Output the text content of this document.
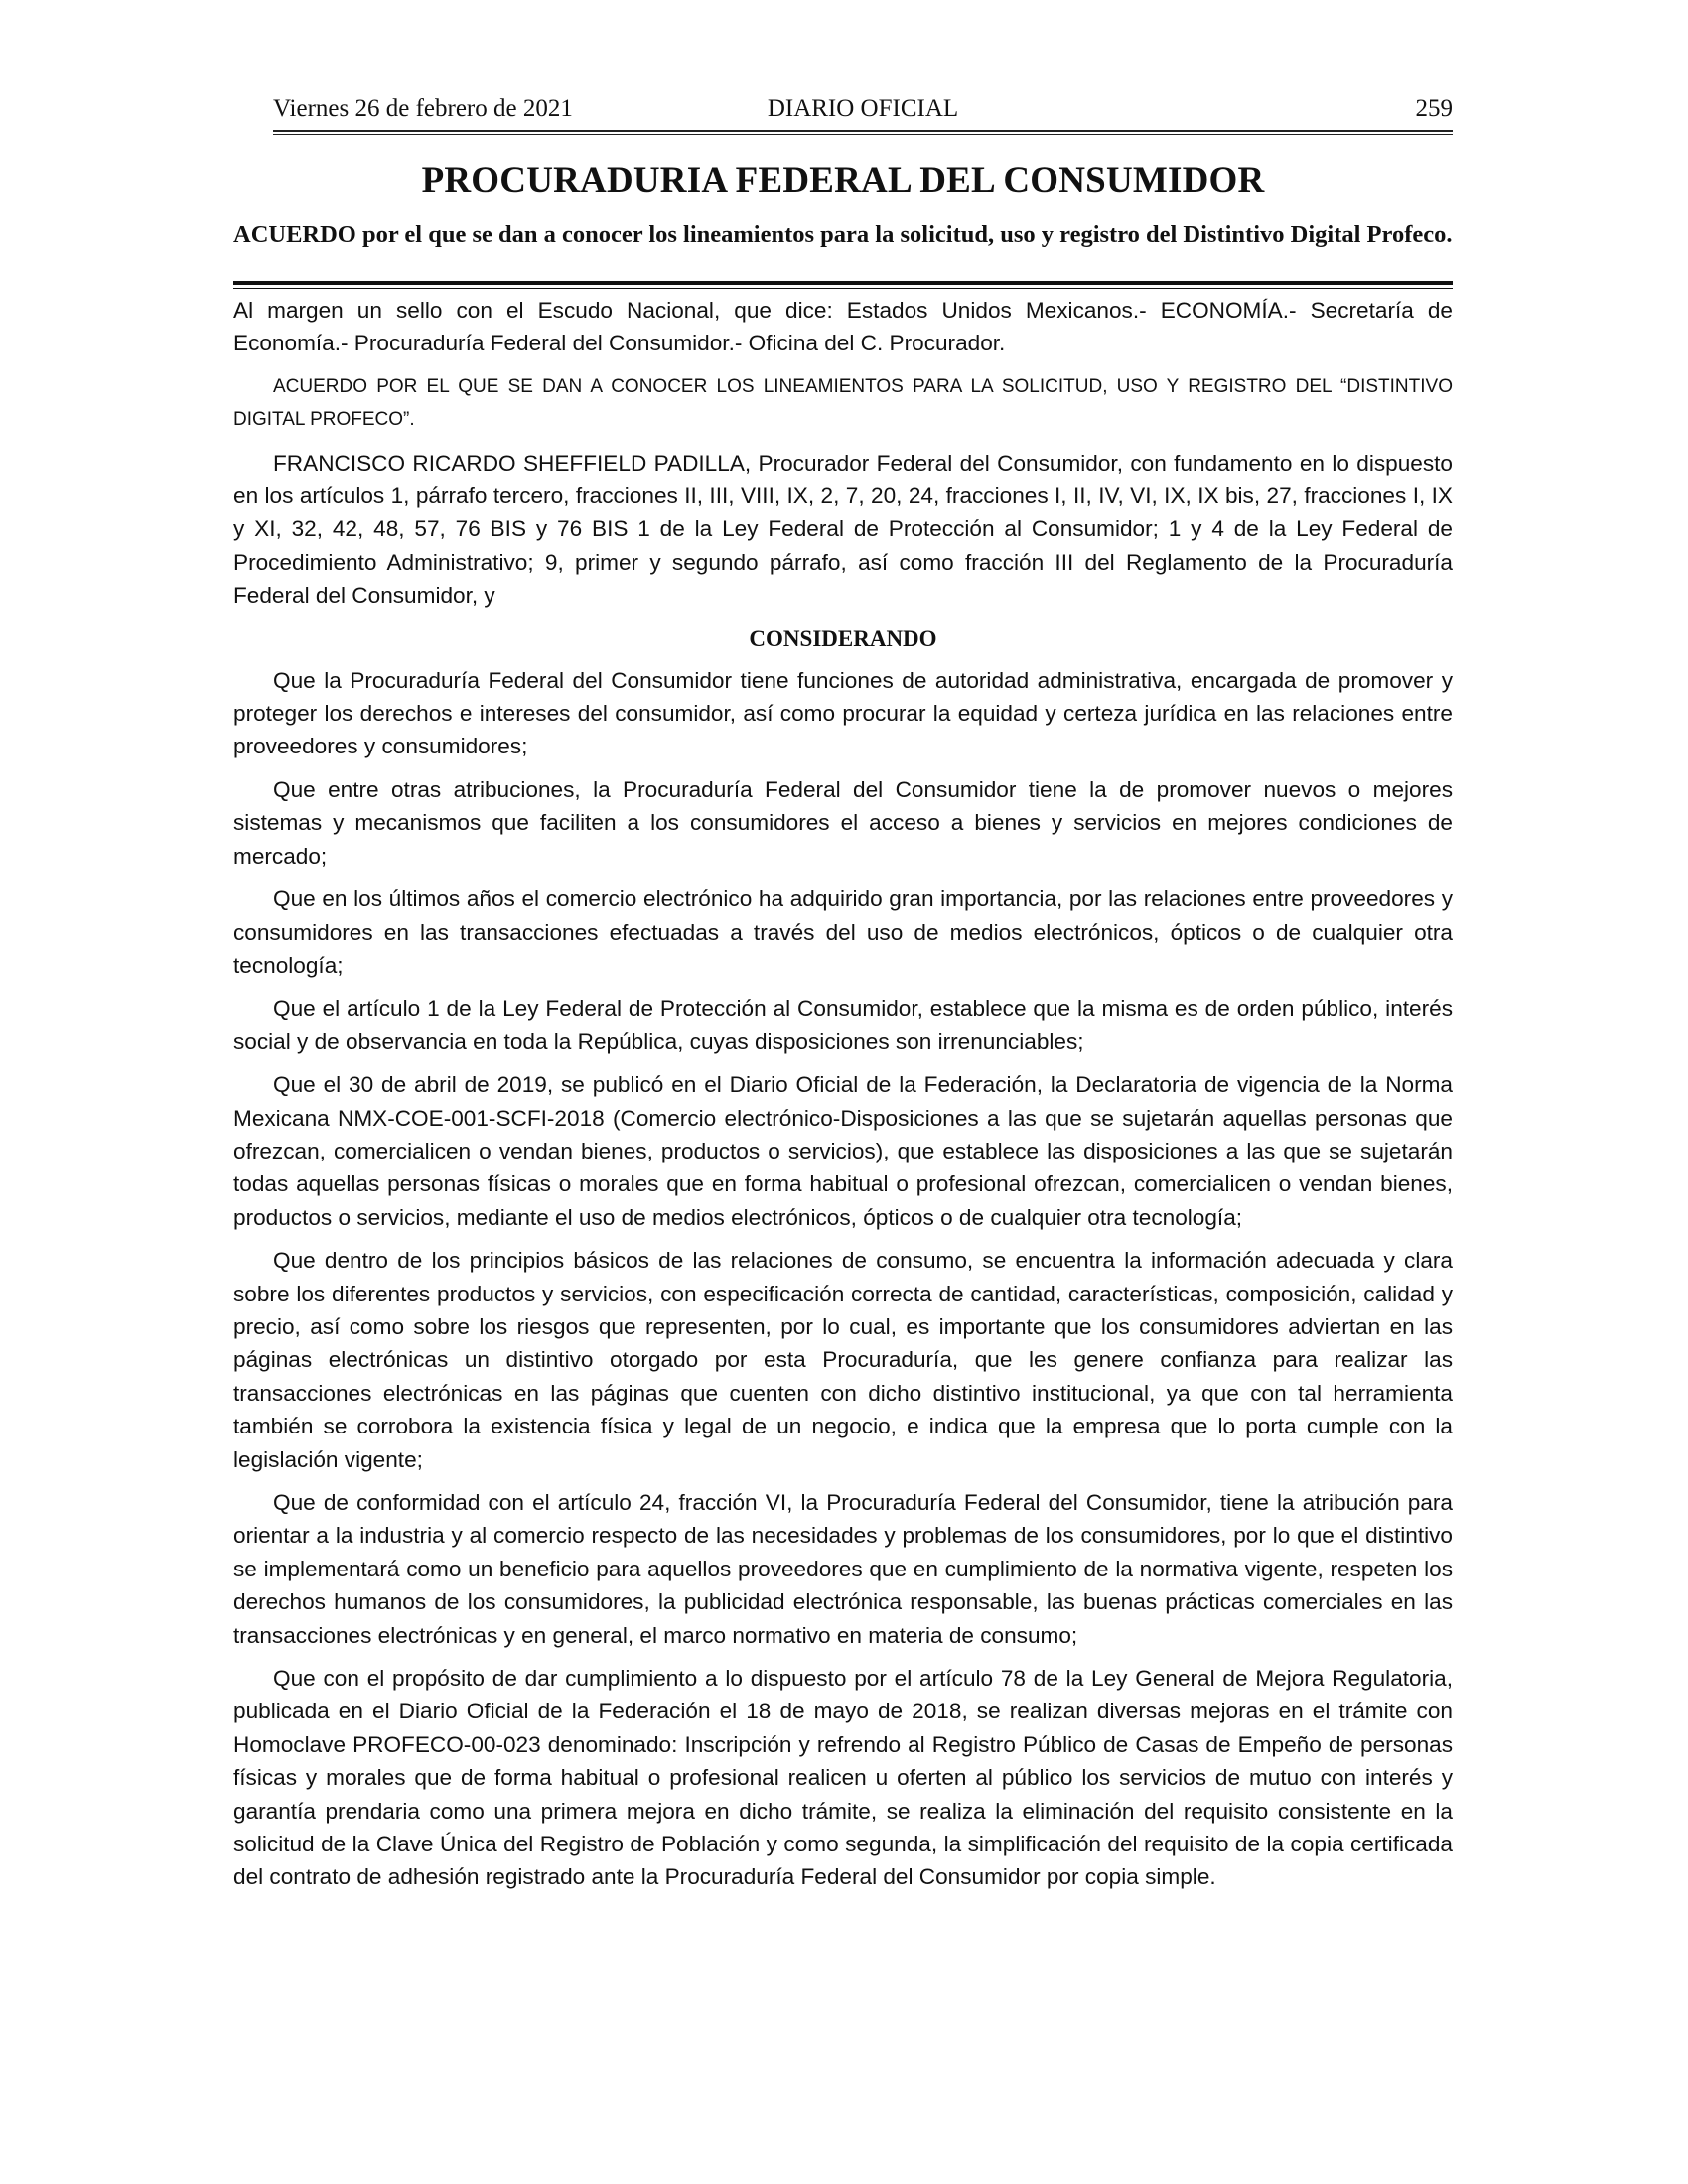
Viernes 26 de febrero de 2021	DIARIO OFICIAL	259
PROCURADURIA FEDERAL DEL CONSUMIDOR
ACUERDO por el que se dan a conocer los lineamientos para la solicitud, uso y registro del Distintivo Digital Profeco.

Al margen un sello con el Escudo Nacional, que dice: Estados Unidos Mexicanos.- ECONOMÍA.- Secretaría de Economía.- Procuraduría Federal del Consumidor.- Oficina del C. Procurador.

ACUERDO POR EL QUE SE DAN A CONOCER LOS LINEAMIENTOS PARA LA SOLICITUD, USO Y REGISTRO DEL “DISTINTIVO DIGITAL PROFECO”.

FRANCISCO RICARDO SHEFFIELD PADILLA, Procurador Federal del Consumidor, con fundamento en lo dispuesto en los artículos 1, párrafo tercero, fracciones II, III, VIII, IX, 2, 7, 20, 24, fracciones I, II, IV, VI, IX, IX bis, 27, fracciones I, IX y XI, 32, 42, 48, 57, 76 BIS y 76 BIS 1 de la Ley Federal de Protección al Consumidor; 1 y 4 de la Ley Federal de Procedimiento Administrativo; 9, primer y segundo párrafo, así como fracción III del Reglamento de la Procuraduría Federal del Consumidor, y

CONSIDERANDO

Que la Procuraduría Federal del Consumidor tiene funciones de autoridad administrativa, encargada de promover y proteger los derechos e intereses del consumidor, así como procurar la equidad y certeza jurídica en las relaciones entre proveedores y consumidores;

Que entre otras atribuciones, la Procuraduría Federal del Consumidor tiene la de promover nuevos o mejores sistemas y mecanismos que faciliten a los consumidores el acceso a bienes y servicios en mejores condiciones de mercado;

Que en los últimos años el comercio electrónico ha adquirido gran importancia, por las relaciones entre proveedores y consumidores en las transacciones efectuadas a través del uso de medios electrónicos, ópticos o de cualquier otra tecnología;

Que el artículo 1 de la Ley Federal de Protección al Consumidor, establece que la misma es de orden público, interés social y de observancia en toda la República, cuyas disposiciones son irrenunciables;

Que el 30 de abril de 2019, se publicó en el Diario Oficial de la Federación, la Declaratoria de vigencia de la Norma Mexicana NMX-COE-001-SCFI-2018 (Comercio electrónico-Disposiciones a las que se sujetarán aquellas personas que ofrezcan, comercialicen o vendan bienes, productos o servicios), que establece las disposiciones a las que se sujetarán todas aquellas personas físicas o morales que en forma habitual o profesional ofrezcan, comercialicen o vendan bienes, productos o servicios, mediante el uso de medios electrónicos, ópticos o de cualquier otra tecnología;

Que dentro de los principios básicos de las relaciones de consumo, se encuentra la información adecuada y clara sobre los diferentes productos y servicios, con especificación correcta de cantidad, características, composición, calidad y precio, así como sobre los riesgos que representen, por lo cual, es importante que los consumidores adviertan en las páginas electrónicas un distintivo otorgado por esta Procuraduría, que les genere confianza para realizar las transacciones electrónicas en las páginas que cuenten con dicho distintivo institucional, ya que con tal herramienta también se corrobora la existencia física y legal de un negocio, e indica que la empresa que lo porta cumple con la legislación vigente;

Que de conformidad con el artículo 24, fracción VI, la Procuraduría Federal del Consumidor, tiene la atribución para orientar a la industria y al comercio respecto de las necesidades y problemas de los consumidores, por lo que el distintivo se implementará como un beneficio para aquellos proveedores que en cumplimiento de la normativa vigente, respeten los derechos humanos de los consumidores, la publicidad electrónica responsable, las buenas prácticas comerciales en las transacciones electrónicas y en general, el marco normativo en materia de consumo;

Que con el propósito de dar cumplimiento a lo dispuesto por el artículo 78 de la Ley General de Mejora Regulatoria, publicada en el Diario Oficial de la Federación el 18 de mayo de 2018, se realizan diversas mejoras en el trámite con Homoclave PROFECO-00-023 denominado: Inscripción y refrendo al Registro Público de Casas de Empeño de personas físicas y morales que de forma habitual o profesional realicen u oferten al público los servicios de mutuo con interés y garantía prendaria como una primera mejora en dicho trámite, se realiza la eliminación del requisito consistente en la solicitud de la Clave Única del Registro de Población y como segunda, la simplificación del requisito de la copia certificada del contrato de adhesión registrado ante la Procuraduría Federal del Consumidor por copia simple.
